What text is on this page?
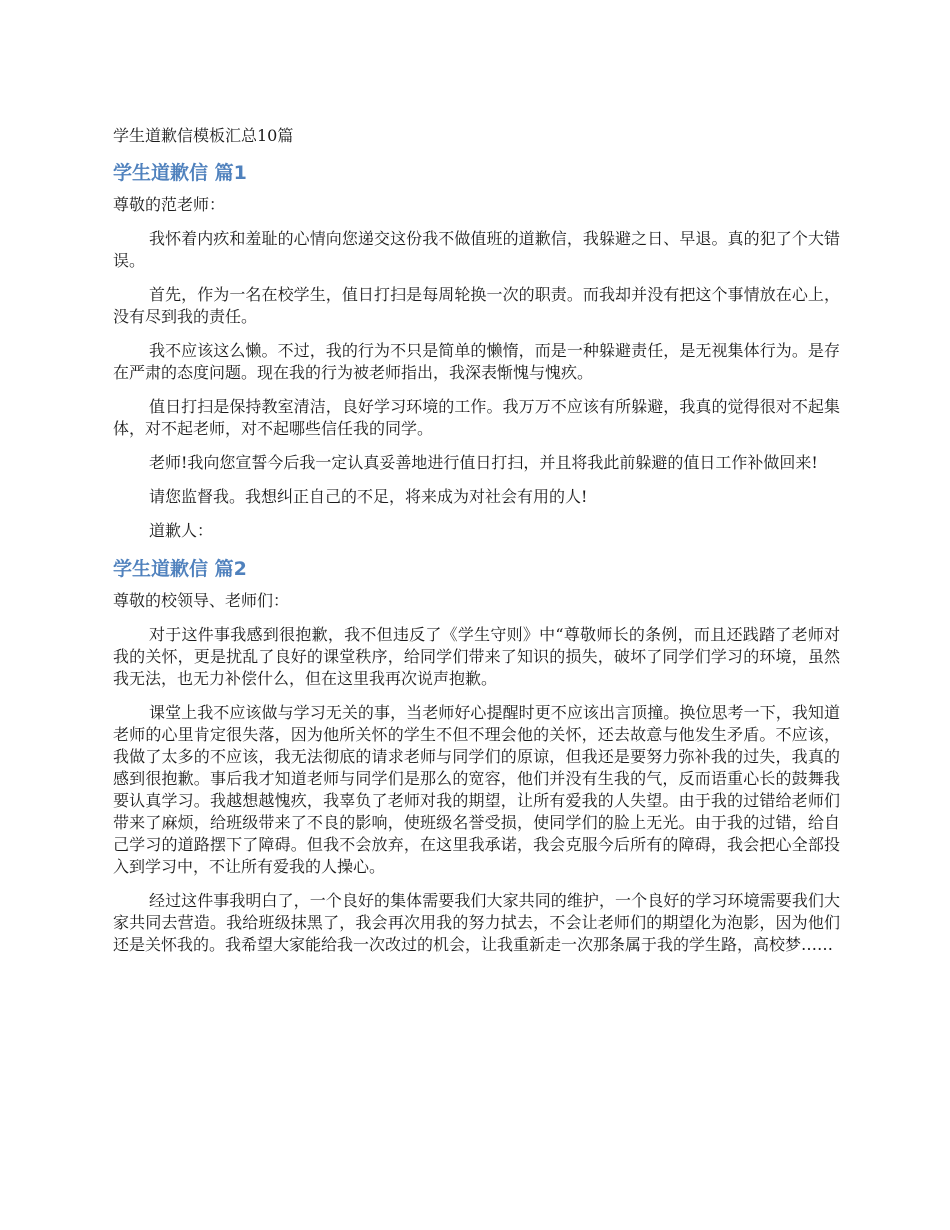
学生道歉信模板汇总10篇
学生道歉信 篇1
尊敬的范老师：

我怀着内疚和羞耻的心情向您递交这份我不做值班的道歉信，我躲避之日、早退。真的犯了个大错误。

首先，作为一名在校学生，值日打扫是每周轮换一次的职责。而我却并没有把这个事情放在心上，没有尽到我的责任。

我不应该这么懒。不过，我的行为不只是简单的懒惰，而是一种躲避责任，是无视集体行为。是存在严肃的态度问题。现在我的行为被老师指出，我深表惭愧与愧疚。

值日打扫是保持教室清洁，良好学习环境的工作。我万万不应该有所躲避，我真的觉得很对不起集体，对不起老师，对不起哪些信任我的同学。

老师!我向您宣誓今后我一定认真妥善地进行值日打扫，并且将我此前躲避的值日工作补做回来!

请您监督我。我想纠正自己的不足，将来成为对社会有用的人!

道歉人：

学生道歉信 篇2
尊敬的校领导、老师们：

对于这件事我感到很抱歉，我不但违反了《学生守则》中“尊敬师长的条例，而且还践踏了老师对我的关怀，更是扰乱了良好的课堂秩序，给同学们带来了知识的损失，破坏了同学们学习的环境，虽然我无法，也无力补偿什么，但在这里我再次说声抱歉。

课堂上我不应该做与学习无关的事，当老师好心提醒时更不应该出言顶撞。换位思考一下，我知道老师的心里肯定很失落，因为他所关怀的学生不但不理会他的关怀，还去故意与他发生矛盾。不应该，我做了太多的不应该，我无法彻底的请求老师与同学们的原谅，但我还是要努力弥补我的过失，我真的感到很抱歉。事后我才知道老师与同学们是那么的宽容，他们并没有生我的气，反而语重心长的鼓舞我要认真学习。我越想越愧疚，我辜负了老师对我的期望，让所有爱我的人失望。由于我的过错给老师们带来了麻烦，给班级带来了不良的影响，使班级名誉受损，使同学们的脸上无光。由于我的过错，给自己学习的道路摆下了障碍。但我不会放弃，在这里我承诺，我会克服今后所有的障碍，我会把心全部投入到学习中，不让所有爱我的人操心。

经过这件事我明白了，一个良好的集体需要我们大家共同的维护，一个良好的学习环境需要我们大家共同去营造。我给班级抹黑了，我会再次用我的努力拭去，不会让老师们的期望化为泡影，因为他们还是关怀我的。我希望大家能给我一次改过的机会，让我重新走一次那条属于我的学生路，高校梦……
